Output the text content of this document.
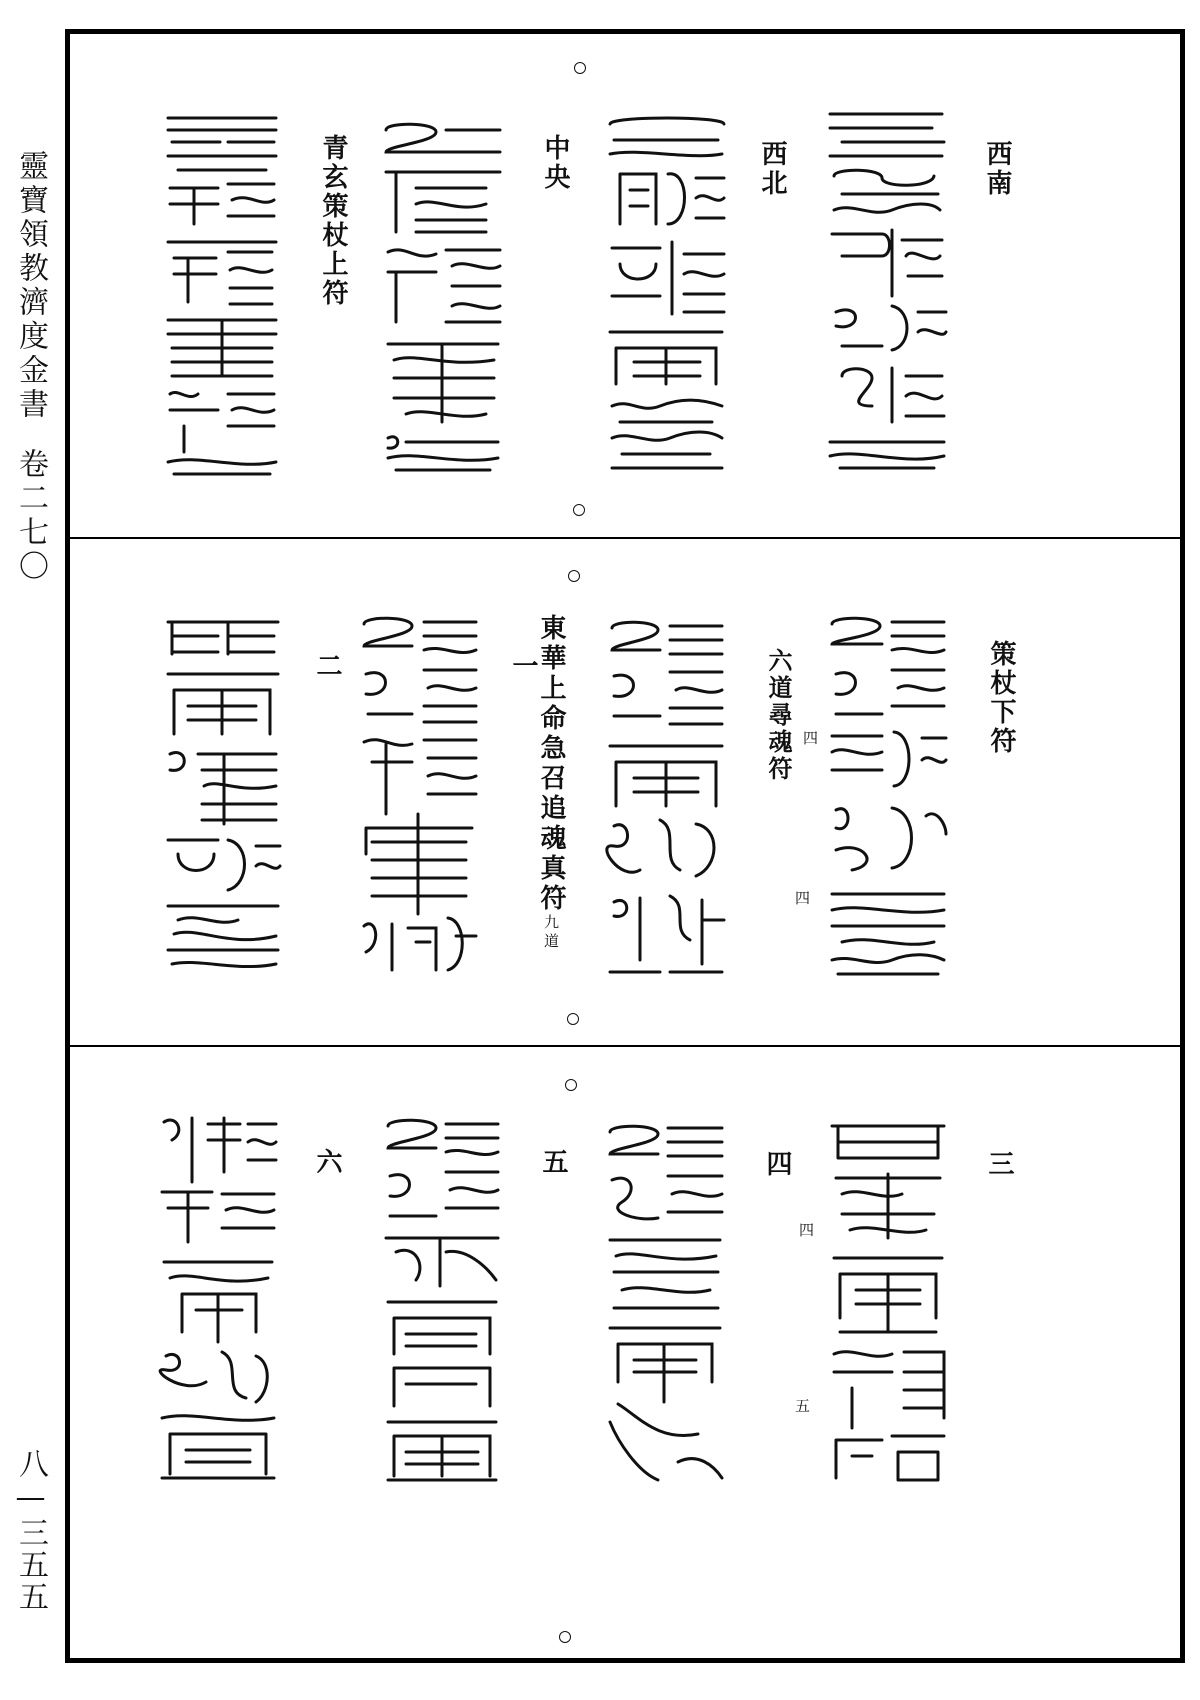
靈寶領教濟度金書卷二七〇
八—三五五
西南
西北
中央
青玄策杖上符
策杖下符
六道尋魂符 四
四
東華上命急召追魂真符九道
一
二
三
四
四
五
五
六
